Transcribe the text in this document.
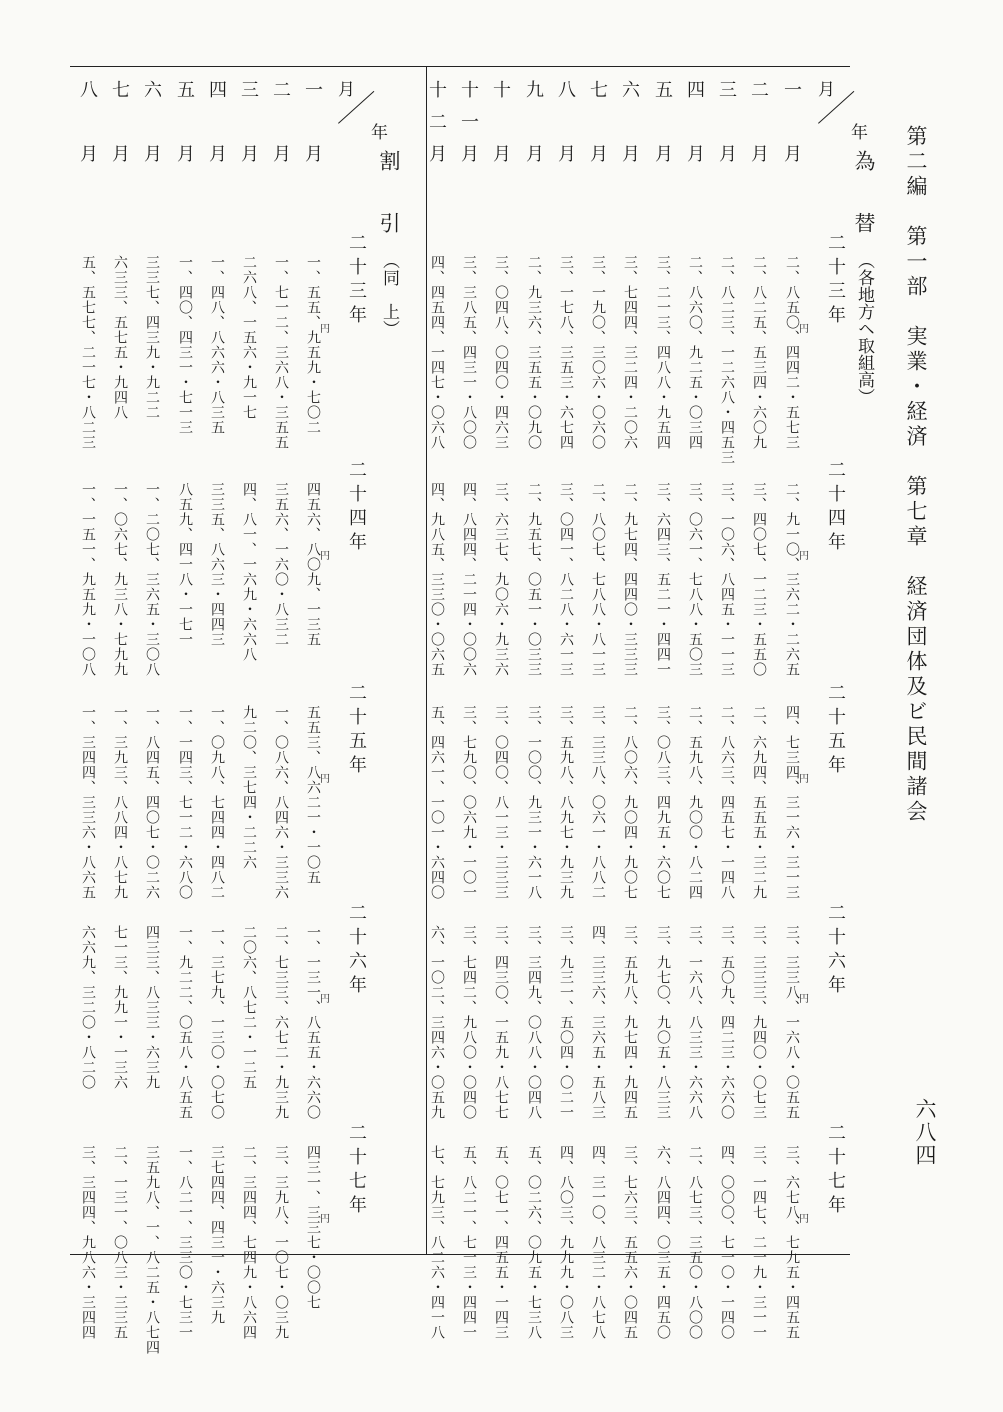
第二編　第一部　実業・経済　第七章　経済団体及ビ民間諸会
六八四
月
年
月
年
為　替
（各地方ヘ取組高）
割　引
（同　上）
一　月
二　月
三　月
四　月
五　月
六　月
七　月
八　月
九　月
十　月
十一月
十二月
二十三年
円
二、八五〇、四四二・五七三
二、八二五、五三四・六〇九
二、八二三、一二六八・四五三
二、八六〇、九二五・〇三四
三、二一三、四八八・九五四
三、七四四、三二四・二〇六
三、一九〇、三〇六・〇六〇
三、一七八、三五三・六七四
二、九三六、三五五・〇九〇
三、〇四八、〇四〇・四六三
三、三八五、四三一・八〇〇
四、四五四、一四七・〇六八
二十四年
円
二、九一〇、三六二・二六五
三、四〇七、一二三・五五〇
三、一〇六、八四五・一一三
三、〇六一、七八八・五〇三
三、六四三、五二一・四四一
二、九七四、四四〇・三三三
二、八〇七、七八八・八一三
三、〇四一、八二八・六一三
二、九五七、〇五一・〇三三
三、六三七、九〇六・九三六
四、八四四、二一四・〇〇六
四、九八五、三三〇・〇六五
二十五年
円
四、七三四、三一六・三一三
二、六九四、五五五・三二九
二、八六三、四五七・一四八
二、五九八、九〇〇・八二四
三、〇八三、四九五・六〇七
二、八〇六、九〇四・九〇七
三、三三八、〇六一・八八二
三、五九八、八九七・九三九
三、一〇〇、九三一・六一八
三、〇四〇、八一三・三三三
三、七九〇、〇六九・一〇一
五、四六一、一〇一・六四〇
二十六年
円
三、三三八、一六八・〇五五
三、三三三、九四〇・〇七三
三、五〇九、四二三・六六〇
三、一六八、八三三・六六八
三、九七〇、九〇五・八三三
三、五九八、九七四・九四五
四、三三六、三六五・五八三
三、九三一、五〇四・〇二一
三、三四九、〇八八・〇四八
三、四三〇、一五九・八七七
三、七四二、九八〇・〇四〇
六、一〇二、三四六・〇五九
二十七年
円
三、六七八、七九五・四五五
三、一四七、二一九・三一一
四、〇〇〇、七一〇・一四〇
二、八七三、三五〇・八〇〇
六、八四四、〇三五・四五〇
三、七六三、五五六・〇四五
四、三一〇、八三二・八七八
四、八〇三、九九九・〇八三
五、〇二六、〇九五・七三八
五、〇七一、四五五・一四三
五、八二一、七一三・四四一
七、七九三、八二六・四一八
一　月
二　月
三　月
四　月
五　月
六　月
七　月
八　月
二十三年
円
一、五五、九五九・七〇二
一、七一二、三六八・三五五
二六八、一五六・九一七
一、四八、八六六・八三五
一、四〇、四三一・七一三
三三七、四三九・九二二
六三三、五七五・九四八
五、五七七、二一七・八二三
二十四年
円
四五六、八〇九、一三五
三五六、一六〇・八三二
四、八一、一六九・六六八
三三五、八六三・四四三
八五九、四一八・一七一
一、二〇七、三六五・三〇八
一、〇六七、九三八・七九九
一、一五一、九五九・一〇八
二十五年
円
五五三、八六二一・一〇五
一、〇八六、八四六・三三六
九二〇、三七四・二二六
一、〇九八、七四四・四八二
一、一四三、七一二・六八〇
一、八四五、四〇七・〇二六
一、三九三、八八四・八七九
一、三四四、三三六・八六五
二十六年
円
一、一三一、八五五・六六〇
二、七三三、六七二・九三九
二〇六、八七二・一二五
一、三七九、一三〇・〇七〇
一、九二二、〇五八・八五五
四三三、八三三・六三九
七一三、九九一・一三六
六六九、三二〇・八二〇
二十七年
円
四三一、三三七・〇〇七
三、三九八、一〇七・〇三九
二、三四四、七四九・八六四
三七四四、四三一・六三九
一、八二一、三三〇・七三一
三五九八、一、八二五・八七四
二、一三一、〇八三・三三五
三、三四四、九八六・三四四
